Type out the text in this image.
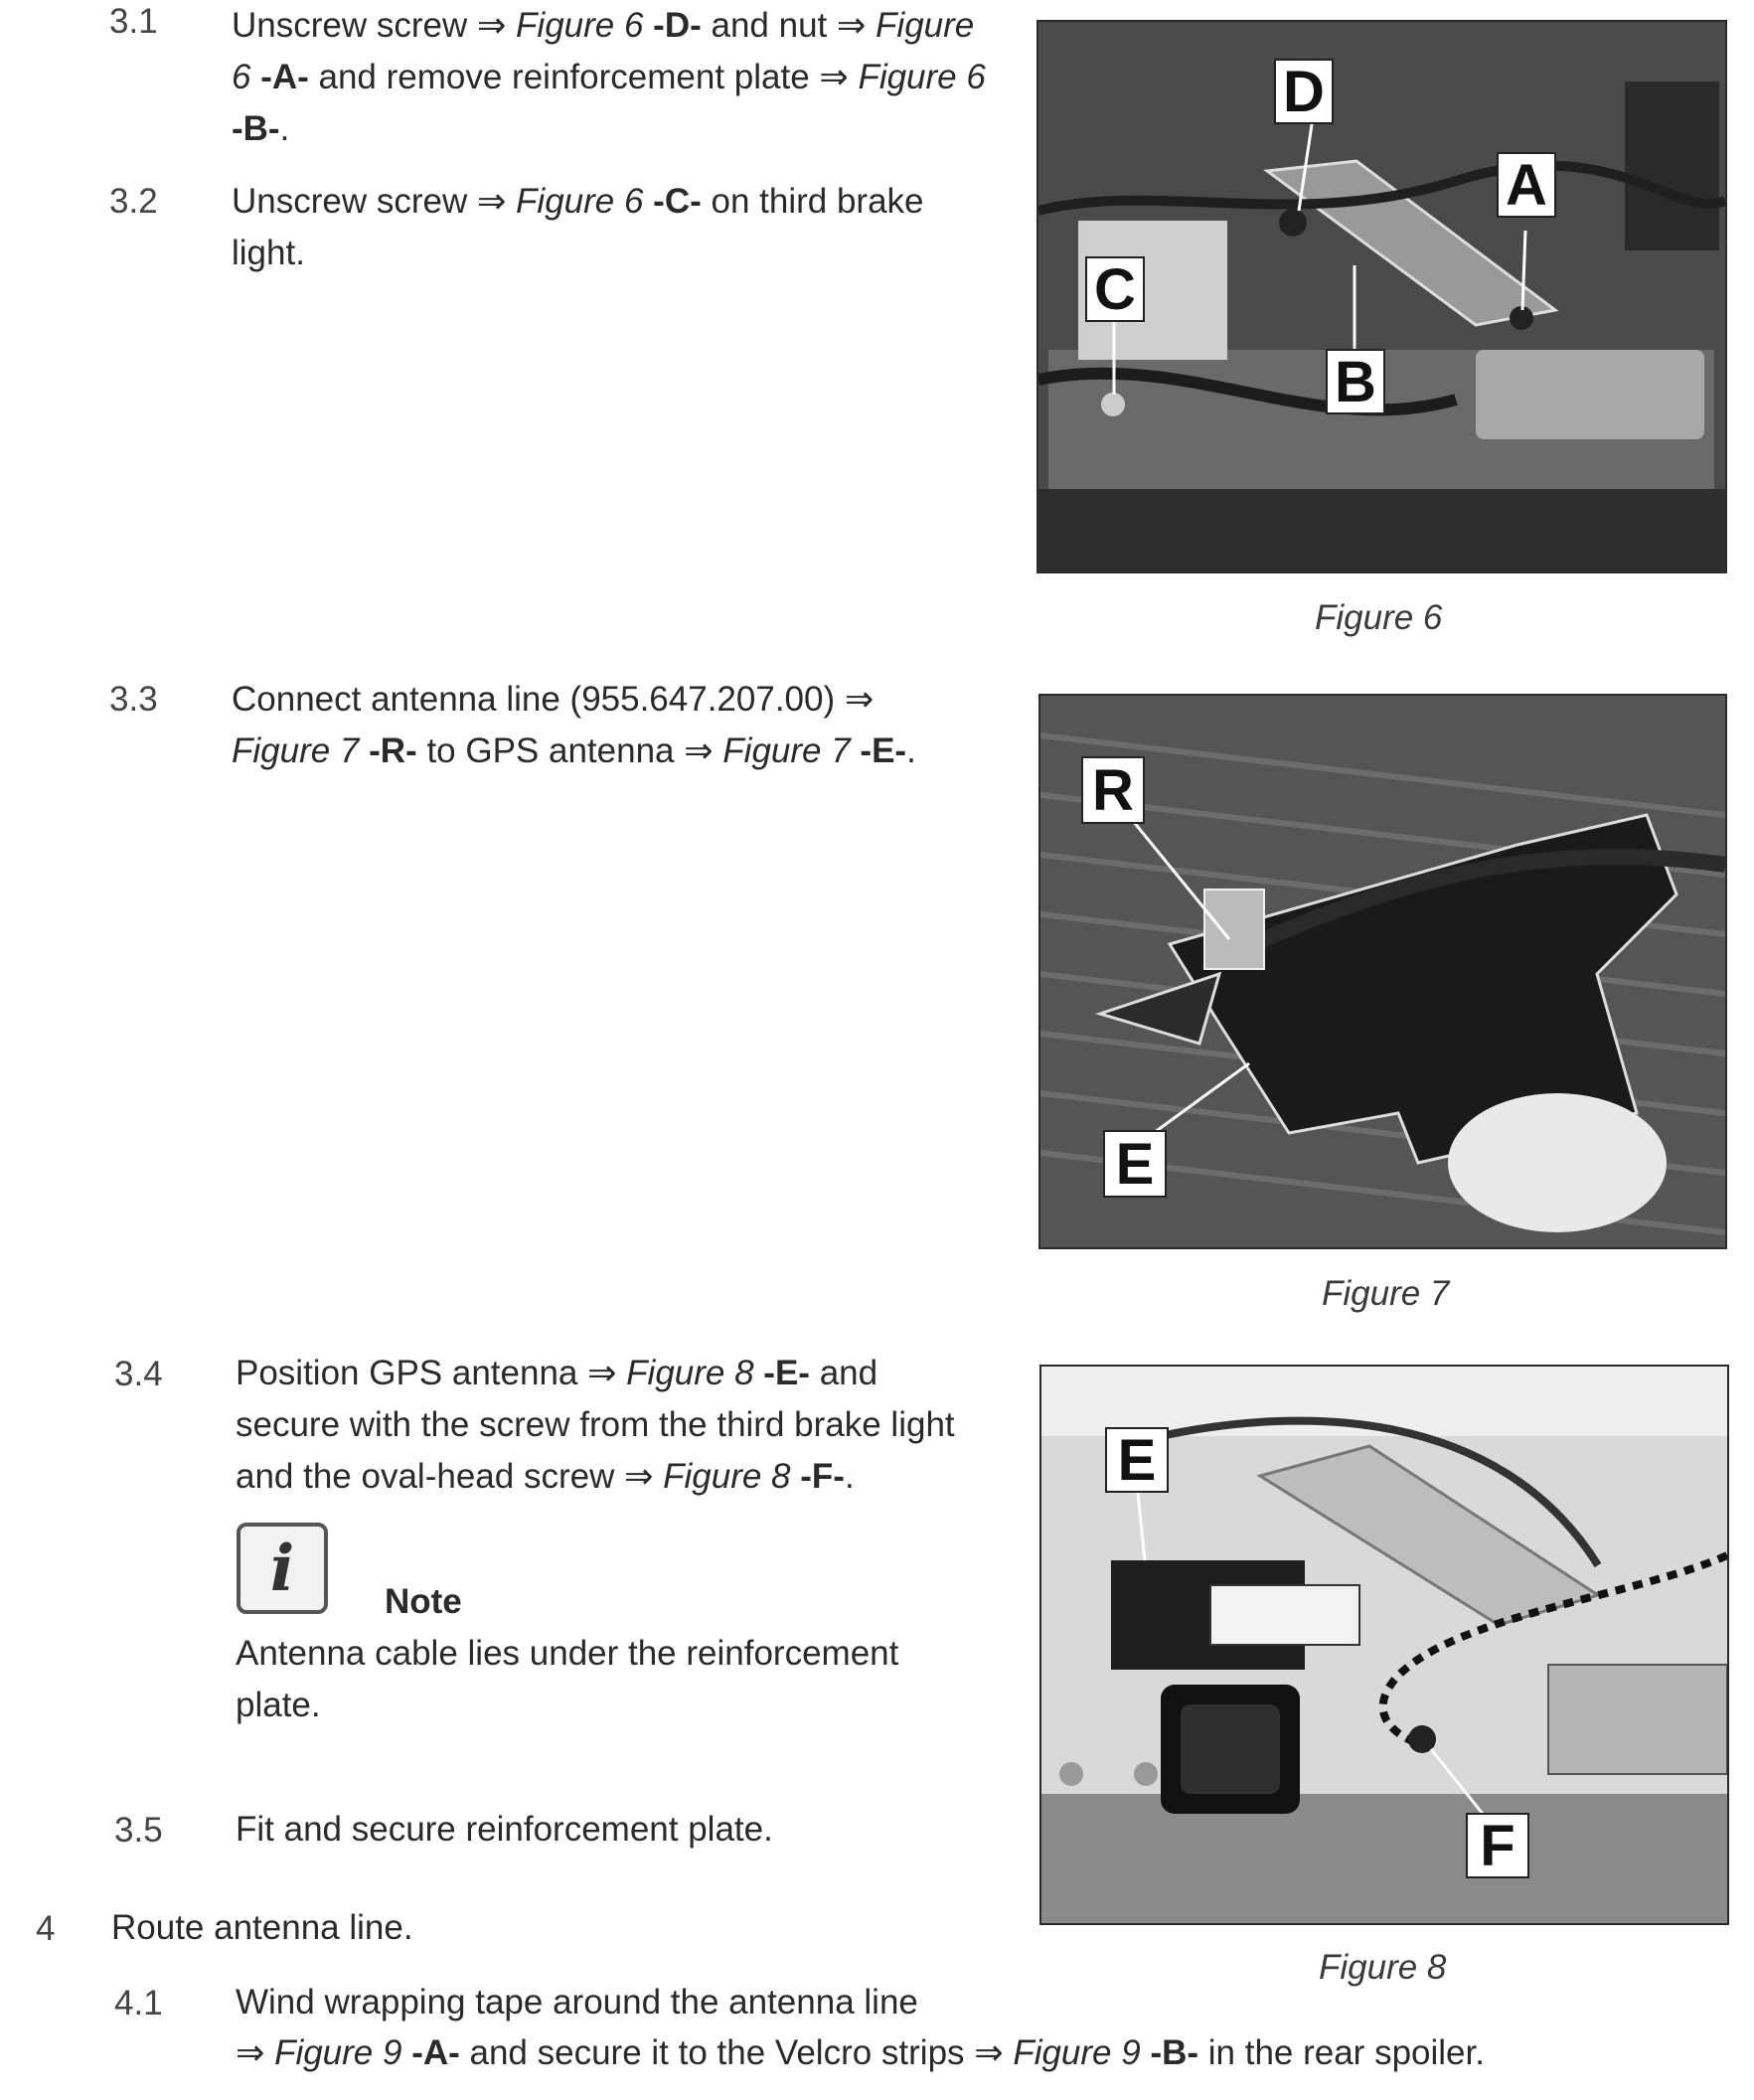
3.1 Unscrew screw ⇒ Figure 6 -D- and nut ⇒ Figure 6 -A- and remove reinforcement plate ⇒ Figure 6 -B-.
3.2 Unscrew screw ⇒ Figure 6 -C- on third brake light.
D
A
C
B
Figure 6
3.3 Connect antenna line (955.647.207.00) ⇒ Figure 7 -R- to GPS antenna ⇒ Figure 7 -E-.
R
E
Figure 7
3.4 Position GPS antenna ⇒ Figure 8 -E- and secure with the screw from the third brake light and the oval-head screw ⇒ Figure 8 -F-.
i	Note
Antenna cable lies under the reinforcement plate.
3.5 Fit and secure reinforcement plate.
E
F
Figure 8
4 Route antenna line.
4.1 Wind wrapping tape around the antenna line
⇒ Figure 9 -A- and secure it to the Velcro strips ⇒ Figure 9 -B- in the rear spoiler.
